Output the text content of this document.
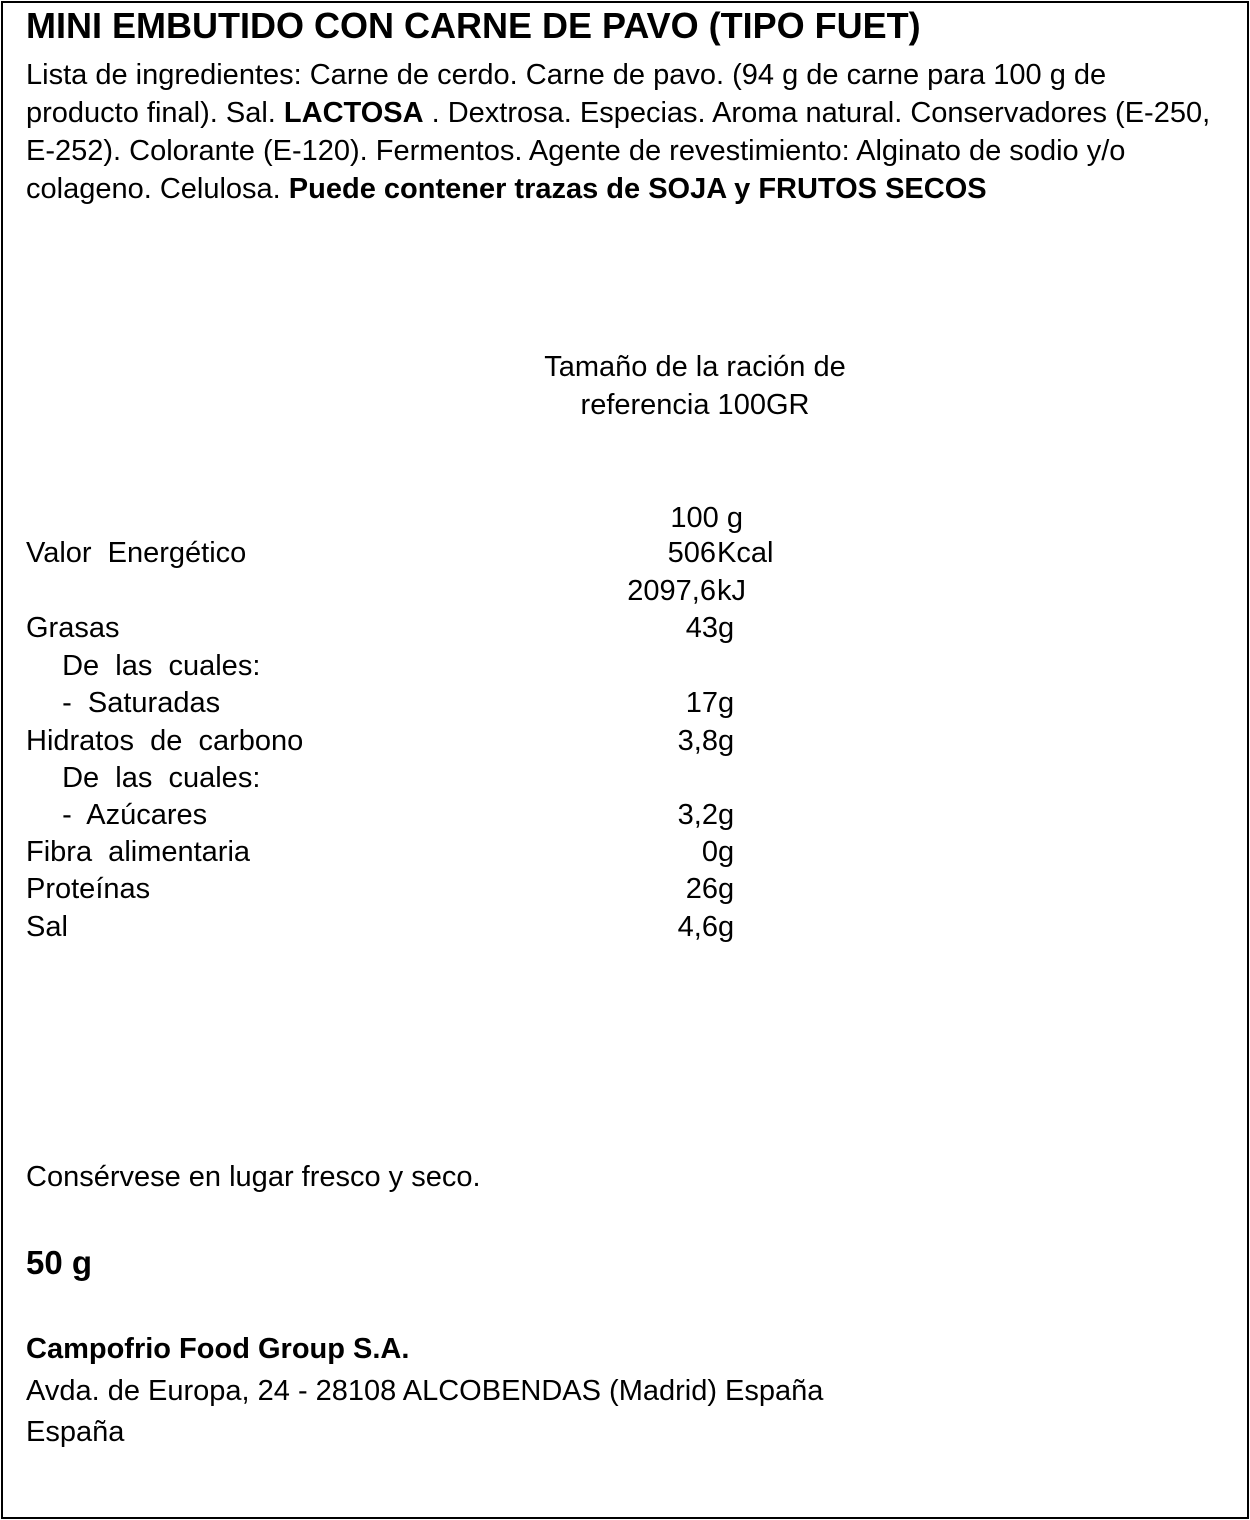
MINI EMBUTIDO CON CARNE DE PAVO (TIPO FUET)
Lista de ingredientes: Carne de cerdo. Carne de pavo. (94 g de carne para 100 g de producto final). Sal. LACTOSA . Dextrosa. Especias. Aroma natural. Conservadores (E-250, E-252). Colorante (E-120). Fermentos. Agente de revestimiento: Alginato de sodio y/o colageno. Celulosa. Puede contener trazas de SOJA y FRUTOS SECOS
Tamaño de la ración de
referencia 100GR
100 g
Valor  Energético	506 Kcal
2097,6 kJ
Grasas	43 g
De  las  cuales:
-  Saturadas	17 g
Hidratos  de  carbono	3,8 g
De  las  cuales:
-  Azúcares	3,2 g
Fibra  alimentaria	0 g
Proteínas	26 g
Sal	4,6 g
Consérvese en lugar fresco y seco.
50 g
Campofrio Food Group S.A.
Avda. de Europa, 24 - 28108 ALCOBENDAS (Madrid) España
España
